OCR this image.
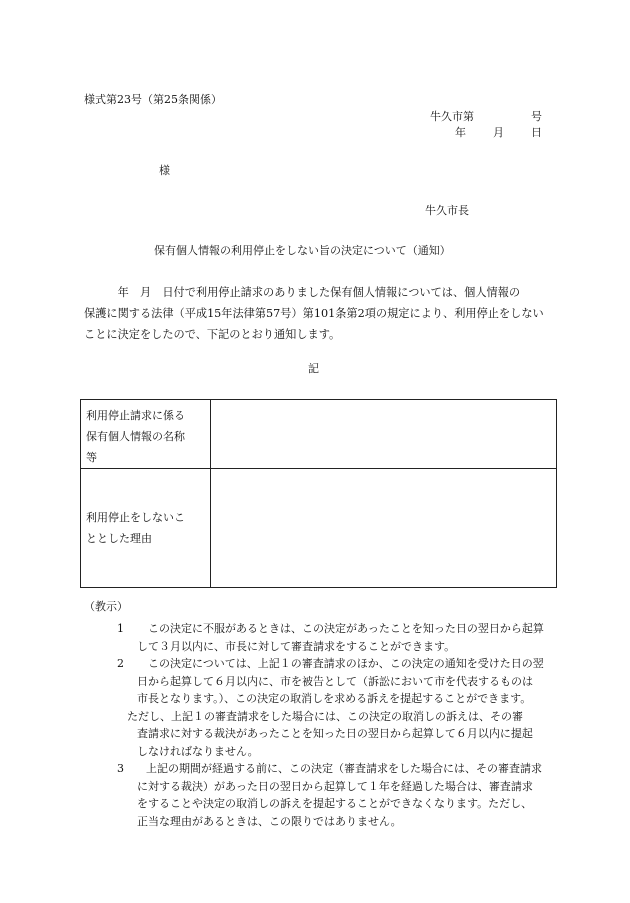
様式第23号（第25条関係）
牛久市第	号
年 月 日
様
牛久市長
保有個人情報の利用停止をしない旨の決定について（通知）

　　　年　月　日付で利用停止請求のありました保有個人情報については、個人情報の

保護に関する法律（平成15年法律第57号）第101条第2項の規定により、利用停止をしない

ことに決定をしたので、下記のとおり通知します。

記
利用停止請求に係る
保有個人情報の名称
等	

利用停止をしないこ
ととした理由	

（教示）
1	この決定に不服があるときは、この決定があったことを知った日の翌日から起算
して３月以内に、市長に対して審査請求をすることができます。
2	この決定については、上記１の審査請求のほか、この決定の通知を受けた日の翌
日から起算して６月以内に、市を被告として（訴訟において市を代表するものは
市長となります。）、この決定の取消しを求める訴えを提起することができます。
ただし、上記１の審査請求をした場合には、この決定の取消しの訴えは、その審
査請求に対する裁決があったことを知った日の翌日から起算して６月以内に提起
しなければなりません。
3	上記の期間が経過する前に、この決定（審査請求をした場合には、その審査請求
に対する裁決）があった日の翌日から起算して１年を経過した場合は、審査請求
をすることや決定の取消しの訴えを提起することができなくなります。ただし、
正当な理由があるときは、この限りではありません。
